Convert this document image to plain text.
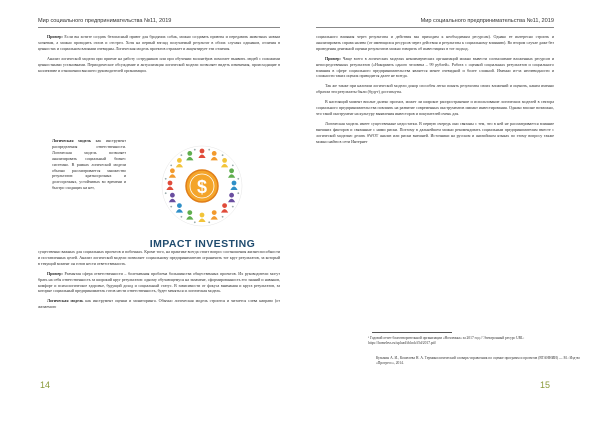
Мир социального предпринимательства №11, 2019

Пример: Если вы хотите создать безопасный приют для бродячих собак, можно создавать приюты и передавать животных новым хозяевам, а можно проводить отлов и отстрел. Хотя на первый взгляд получаемый результат в обоих случаях одинаков, отличия в ценностях и социальном влиянии очевидны. Логическая модель проектов отражает и акцентирует эти отличия.

Анализ логической модели при приеме на работу сотрудников или при обучении волонтёров помогает выявить людей с похожими ценностными установками. Периодическое обсуждение и актуализация логической модели позволяет видеть изменения, происходящие в коллективе и отношении высшего руководителей организации.

Логическая модель как инструмент распределения ответственности. Логическая модель позволяет анализировать социальный бизнес системно. В рамках логической модели обычно рассматривается множество результатов: краткосрочных и долгосрочных, устойчивых во времени и быстро сходящих на нет,	$
IMPACT INVESTING

существенно важных для социальных проектов и побочных. Кроме того, на практике всегда стоит вопрос соотношения жизнеспособности и поставленных целей. Анализ логической модели позволяет социальному предпринимателю ограничить тот круг результатов, за который в текущий момент он готов нести ответственность.

Пример: Размытая сфера ответственности – болезненная проблема большинства общественных проектов. Их руководители могут брать на себя ответственность за широкий круг результатов: одному обучающемуся на экзамене, сформированность его знаний и навыков, комфорт и психологическое здоровье, будущий доход и социальный статус. В зависимости от фокуса внимания и круга результатов, за которые социальный предприниматель готов нести ответственность, будет меняться и логическая модель.

Логическая модель как инструмент оценки и мониторинга. Обычно логическая модель строится и читается слева направо (от желаемого

14
Мир социального предпринимательства №11, 2019

социального влияния через результаты и действия мы приходим к необходимым ресурсам). Однако ее интересно строить и анализировать справа налево (от имеющихся ресурсов через действия и результаты к социальному влиянию). Во втором случае даже без проведения денежной оценки результатов можно говорить об инвестициях в тот подход.

Пример: Чаще всего в логических моделях некоммерческих организаций можно вывести соотношение вложенных ресурсов и непосредственных результатов («Накормить одного человека – 99 рублей». Работа с оценкой социальных результатов и социального влияния в сфере социального предпринимательства является менее очевидной и более сложной. Именно из-за неочевидности и сложности таких оценок приводится далее не всегда.

Так же также при наличии логической модели донор способен легко понять результаты своих вложений и оценить, каким именно образом эти результаты были (будут) достигнуты.

В настоящий момент вполне далеко прогноз, может ли широкое распространение и использование логических моделей в сектора социального предпринимательства повлиять на развитие современных инструментов импакт инвестирования. Однако вполне возможно, что такой инструмент на культуру выявления инвесторов и покупателей очень для.

Логическая модель имеет существенные недостатки. В первую очередь они связаны с тем, что в ней не рассматривается влияние внешних факторов и связанные с ними риски. Поэтому в дальнейшем можно рекомендовать социальным предпринимателям вместе с логической моделью делать SWOT анализ или риски внешней. Источники на русском и английском языках по этому вопросу также можно найти в сети Интернет

15
¹ Годовой отчет благотворительной организации «Ночлежка» за 2017 год // Электронный ресурс URL: https://homeless.ru/upload/iblock/f5d/2017.pdf
Кузьмин А. И., Кошелева Н. А. Терминологический словарь-справочник по оценке программ и проектов (ВТАННИИ) — М.: Изд-во «Прогресс», 2014.
